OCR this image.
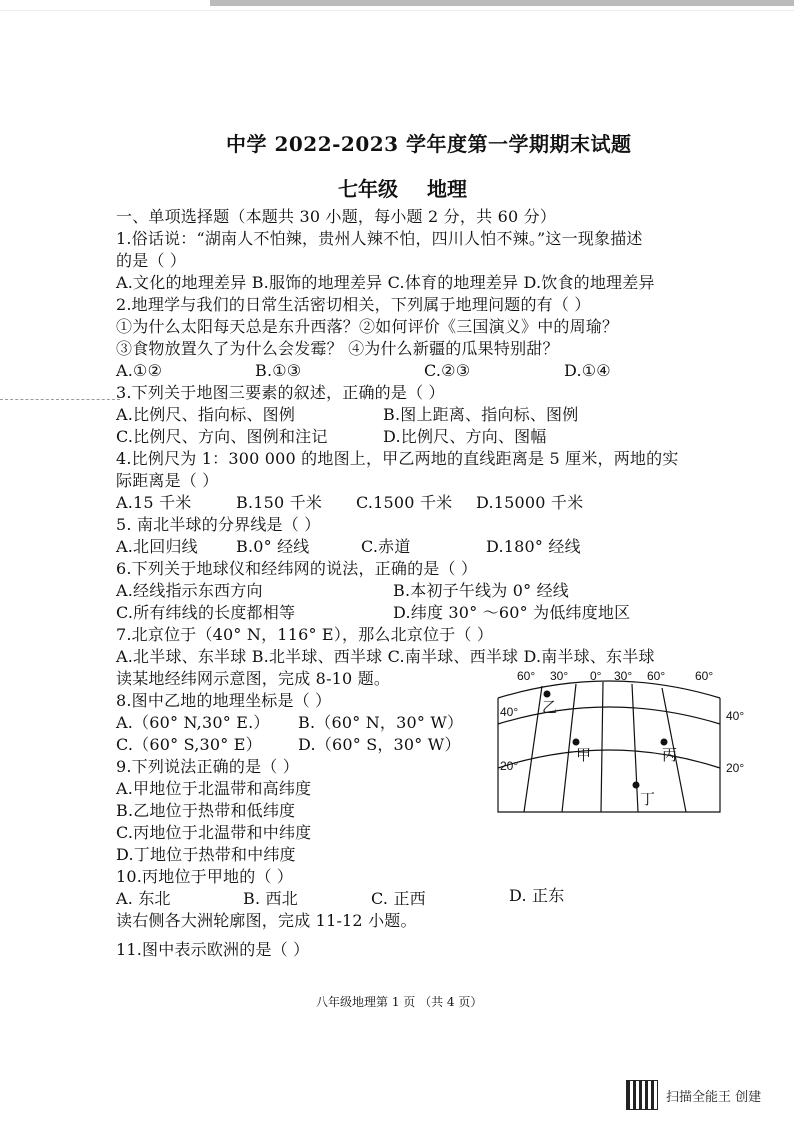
中学 2022-2023 学年度第一学期期末试题
七年级 地理
一、单项选择题（本题共 30 小题，每小题 2 分，共 60 分）
1.俗话说：“湖南人不怕辣，贵州人辣不怕，四川人怕不辣。”这一现象描述
的是（ ）
A.文化的地理差异 B.服饰的地理差异 C.体育的地理差异 D.饮食的地理差异
2.地理学与我们的日常生活密切相关，下列属于地理问题的有（ ）
①为什么太阳每天总是东升西落？②如何评价《三国演义》中的周瑜？
③食物放置久了为什么会发霉？ ④为什么新疆的瓜果特别甜？
A.①②	B.①③	C.②③	D.①④
3.下列关于地图三要素的叙述，正确的是（ ）
A.比例尺、指向标、图例	B.图上距离、指向标、图例
C.比例尺、方向、图例和注记	D.比例尺、方向、图幅
4.比例尺为 1：300 000 的地图上，甲乙两地的直线距离是 5 厘米，两地的实
际距离是（ ）
A.15 千米	B.150 千米 C.1500 千米 D.15000 千米
5. 南北半球的分界线是（ ）
A.北回归线 B.0° 经线	C.赤道	D.180° 经线
6.下列关于地球仪和经纬网的说法，正确的是（ ）
A.经线指示东西方向	B.本初子午线为 0° 经线
C.所有纬线的长度都相等	D.纬度 30° ～60° 为低纬度地区
7.北京位于（40° N，116° E），那么北京位于（ ）
A.北半球、东半球 B.北半球、西半球 C.南半球、西半球 D.南半球、东半球
读某地经纬网示意图，完成 8-10 题。
8.图中乙地的地理坐标是（ ）
A.（60° N,30° E.） B.（60° N，30° W）
C.（60° S,30° E） D.（60° S，30° W）
9.下列说法正确的是（ ）
A.甲地位于北温带和高纬度
B.乙地位于热带和低纬度
C.丙地位于北温带和中纬度
D.丁地位于热带和中纬度
10.丙地位于甲地的（ ）
A. 东北	B. 西北	C. 正西	D. 正东
读右侧各大洲轮廓图，完成 11-12 小题。
11.图中表示欧洲的是（ ）
60° 30° 0° 30° 60° 60°
40°	40°
20°	20°
乙
甲	丙
丁
八年级地理第 1 页 （共 4 页）
扫描全能王 创建
